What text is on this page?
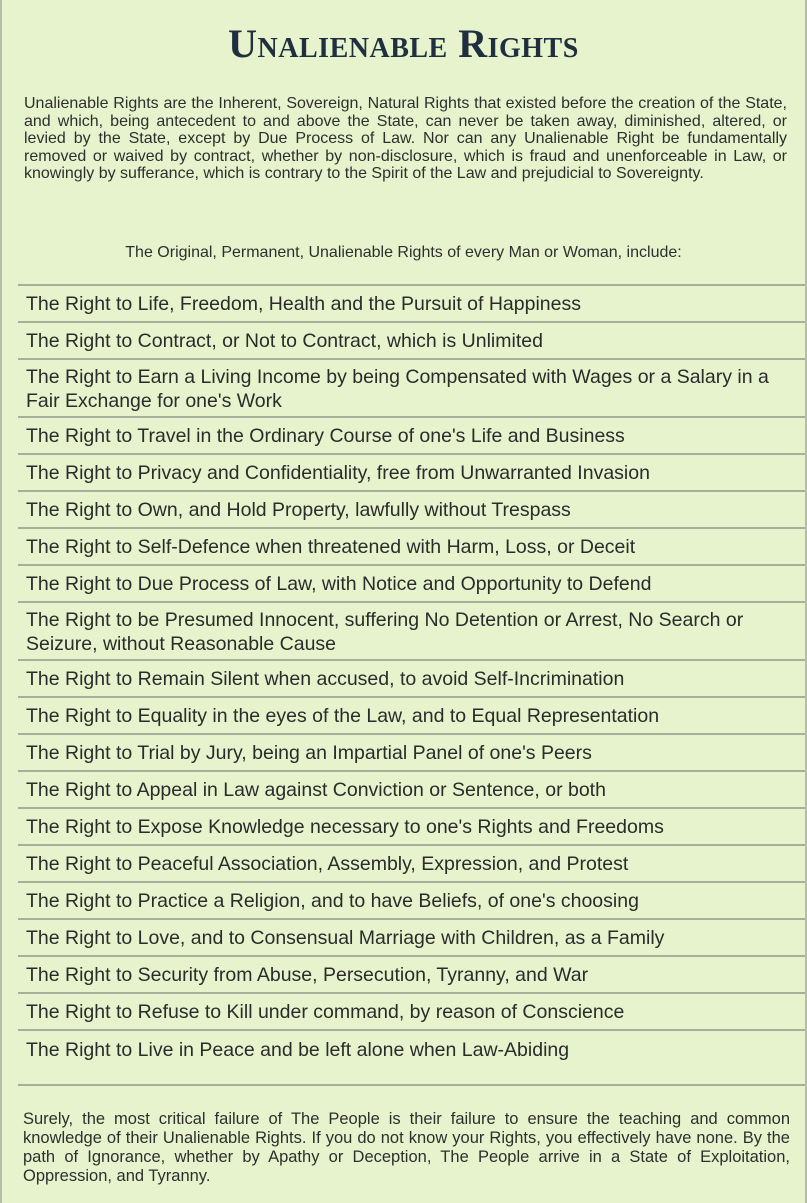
Unalienable Rights
Unalienable Rights are the Inherent, Sovereign, Natural Rights that existed before the creation of the State, and which, being antecedent to and above the State, can never be taken away, diminished, altered, or levied by the State, except by Due Process of Law. Nor can any Unalienable Right be fundamentally removed or waived by contract, whether by non-disclosure, which is fraud and unenforceable in Law, or knowingly by sufferance, which is contrary to the Spirit of the Law and prejudicial to Sovereignty.
The Original, Permanent, Unalienable Rights of every Man or Woman, include:
The Right to Life, Freedom, Health and the Pursuit of Happiness
The Right to Contract, or Not to Contract, which is Unlimited
The Right to Earn a Living Income by being Compensated with Wages or a Salary in a Fair Exchange for one's Work
The Right to Travel in the Ordinary Course of one's Life and Business
The Right to Privacy and Confidentiality, free from Unwarranted Invasion
The Right to Own, and Hold Property, lawfully without Trespass
The Right to Self-Defence when threatened with Harm, Loss, or Deceit
The Right to Due Process of Law, with Notice and Opportunity to Defend
The Right to be Presumed Innocent, suffering No Detention or Arrest, No Search or Seizure, without Reasonable Cause
The Right to Remain Silent when accused, to avoid Self-Incrimination
The Right to Equality in the eyes of the Law, and to Equal Representation
The Right to Trial by Jury, being an Impartial Panel of one's Peers
The Right to Appeal in Law against Conviction or Sentence, or both
The Right to Expose Knowledge necessary to one's Rights and Freedoms
The Right to Peaceful Association, Assembly, Expression, and Protest
The Right to Practice a Religion, and to have Beliefs, of one's choosing
The Right to Love, and to Consensual Marriage with Children, as a Family
The Right to Security from Abuse, Persecution, Tyranny, and War
The Right to Refuse to Kill under command, by reason of Conscience
The Right to Live in Peace and be left alone when Law-Abiding
Surely, the most critical failure of The People is their failure to ensure the teaching and common knowledge of their Unalienable Rights. If you do not know your Rights, you effectively have none. By the path of Ignorance, whether by Apathy or Deception, The People arrive in a State of Exploitation, Oppression, and Tyranny.
